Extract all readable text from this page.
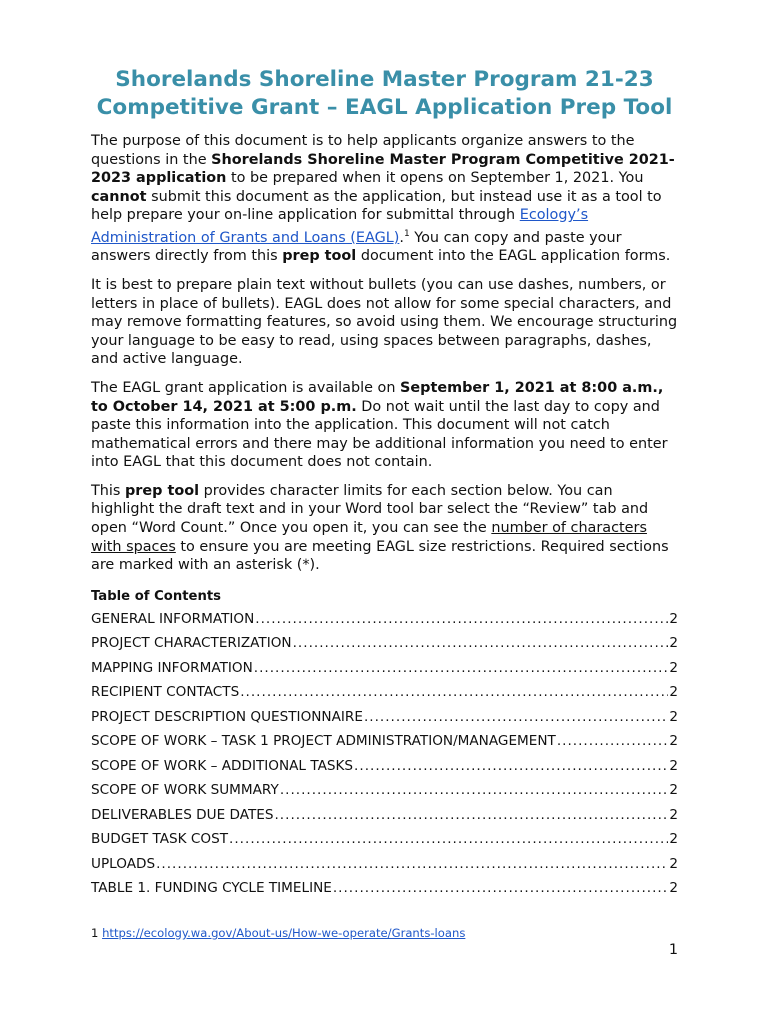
Shorelands Shoreline Master Program 21-23
Competitive Grant – EAGL Application Prep Tool

The purpose of this document is to help applicants organize answers to the questions in the Shorelands Shoreline Master Program Competitive 2021-2023 application to be prepared when it opens on September 1, 2021. You cannot submit this document as the application, but instead use it as a tool to help prepare your on-line application for submittal through Ecology’s Administration of Grants and Loans (EAGL).$^1$ You can copy and paste your answers directly from this prep tool document into the EAGL application forms.

It is best to prepare plain text without bullets (you can use dashes, numbers, or letters in place of bullets). EAGL does not allow for some special characters, and may remove formatting features, so avoid using them. We encourage structuring your language to be easy to read, using spaces between paragraphs, dashes, and active language.

The EAGL grant application is available on September 1, 2021 at 8:00 a.m., to October 14, 2021 at 5:00 p.m. Do not wait until the last day to copy and paste this information into the application. This document will not catch mathematical errors and there may be additional information you need to enter into EAGL that this document does not contain.

This prep tool provides character limits for each section below. You can highlight the draft text and in your Word tool bar select the “Review” tab and open “Word Count.” Once you open it, you can see the number of characters with spaces to ensure you are meeting EAGL size restrictions. Required sections are marked with an asterisk (*).

Table of Contents
GENERAL INFORMATION .....	2
PROJECT CHARACTERIZATION .....	2
MAPPING INFORMATION .....	2
RECIPIENT CONTACTS .....	2
PROJECT DESCRIPTION QUESTIONNAIRE .....	2
SCOPE OF WORK – TASK 1 PROJECT ADMINISTRATION/MANAGEMENT .....	2
SCOPE OF WORK – ADDITIONAL TASKS .....	2
SCOPE OF WORK SUMMARY .....	2
DELIVERABLES DUE DATES .....	2
BUDGET TASK COST .....	2
UPLOADS .....	2
TABLE 1. FUNDING CYCLE TIMELINE .....	2
1 https://ecology.wa.gov/About-us/How-we-operate/Grants-loans
1
